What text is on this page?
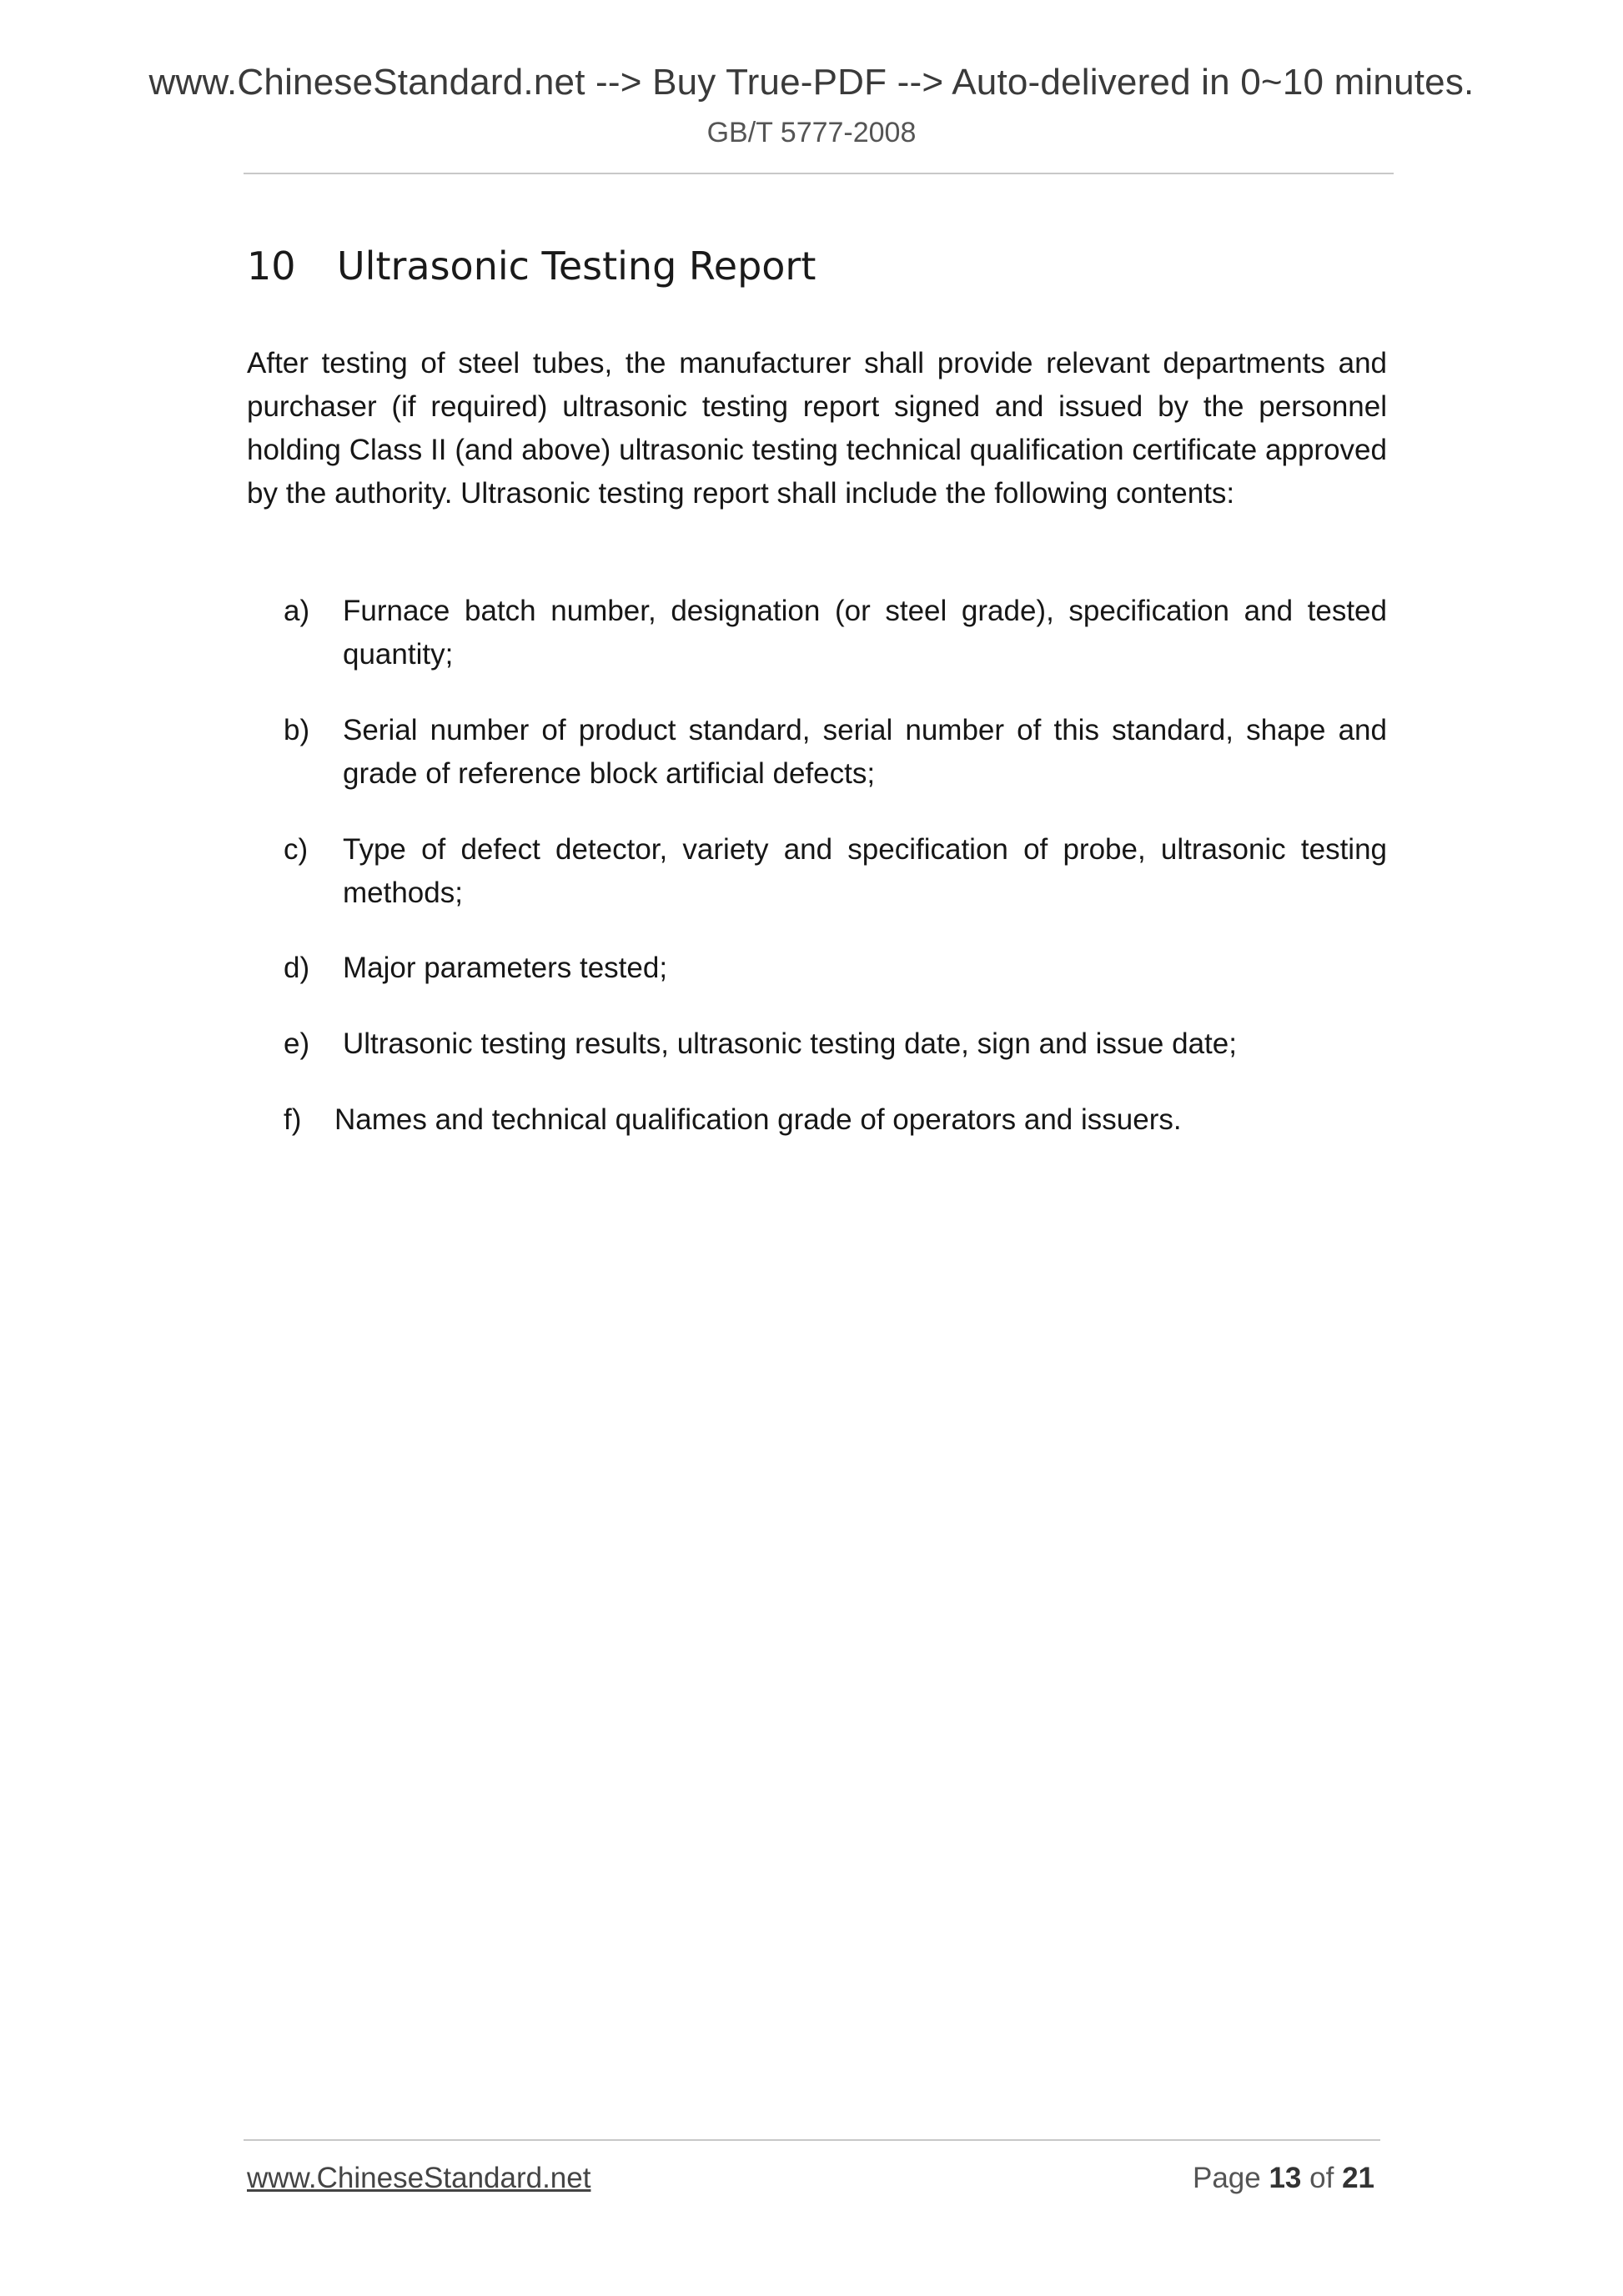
www.ChineseStandard.net --> Buy True-PDF --> Auto-delivered in 0~10 minutes.
GB/T 5777-2008
10 Ultrasonic Testing Report

After testing of steel tubes, the manufacturer shall provide relevant departments and purchaser (if required) ultrasonic testing report signed and issued by the personnel holding Class II (and above) ultrasonic testing technical qualification certificate approved by the authority. Ultrasonic testing report shall include the following contents:

a)	Furnace batch number, designation (or steel grade), specification and tested quantity;
b)	Serial number of product standard, serial number of this standard, shape and grade of reference block artificial defects;
c)	Type of defect detector, variety and specification of probe, ultrasonic testing methods;
d)	Major parameters tested;
e)	Ultrasonic testing results, ultrasonic testing date, sign and issue date;
f)	Names and technical qualification grade of operators and issuers.
www.ChineseStandard.net	Page 13 of 21
